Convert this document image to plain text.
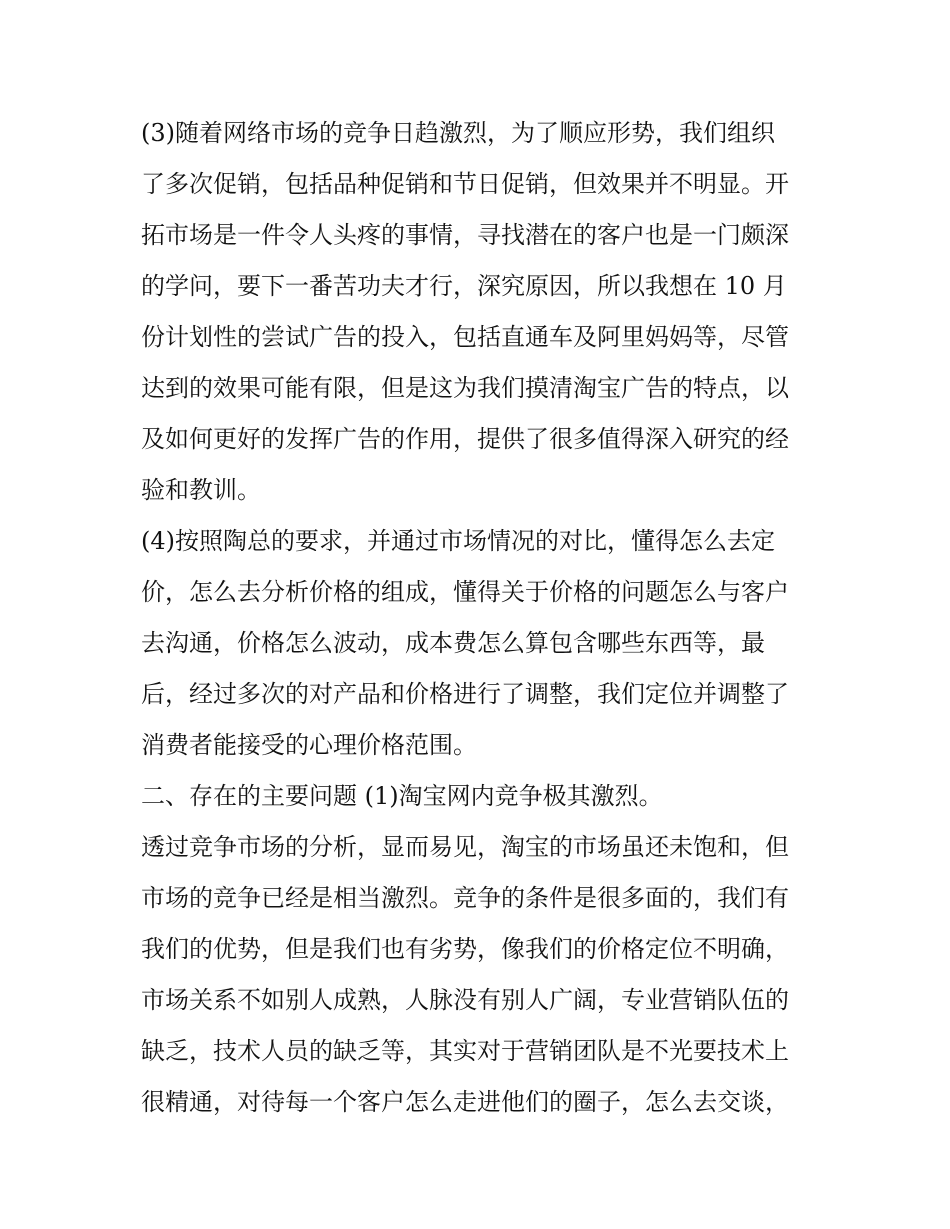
(3)随着网络市场的竞争日趋激烈，为了顺应形势，我们组织
了多次促销，包括品种促销和节日促销，但效果并不明显。开
拓市场是一件令人头疼的事情，寻找潜在的客户也是一门颇深
的学问，要下一番苦功夫才行，深究原因，所以我想在 10 月
份计划性的尝试广告的投入，包括直通车及阿里妈妈等，尽管
达到的效果可能有限，但是这为我们摸清淘宝广告的特点，以
及如何更好的发挥广告的作用，提供了很多值得深入研究的经
验和教训。
(4)按照陶总的要求，并通过市场情况的对比，懂得怎么去定
价，怎么去分析价格的组成，懂得关于价格的问题怎么与客户
去沟通，价格怎么波动，成本费怎么算包含哪些东西等，最
后，经过多次的对产品和价格进行了调整，我们定位并调整了
消费者能接受的心理价格范围。
二、存在的主要问题 (1)淘宝网内竞争极其激烈。
透过竞争市场的分析，显而易见，淘宝的市场虽还未饱和，但
市场的竞争已经是相当激烈。竞争的条件是很多面的，我们有
我们的优势，但是我们也有劣势，像我们的价格定位不明确，
市场关系不如别人成熟，人脉没有别人广阔，专业营销队伍的
缺乏，技术人员的缺乏等，其实对于营销团队是不光要技术上
很精通，对待每一个客户怎么走进他们的圈子，怎么去交谈，
